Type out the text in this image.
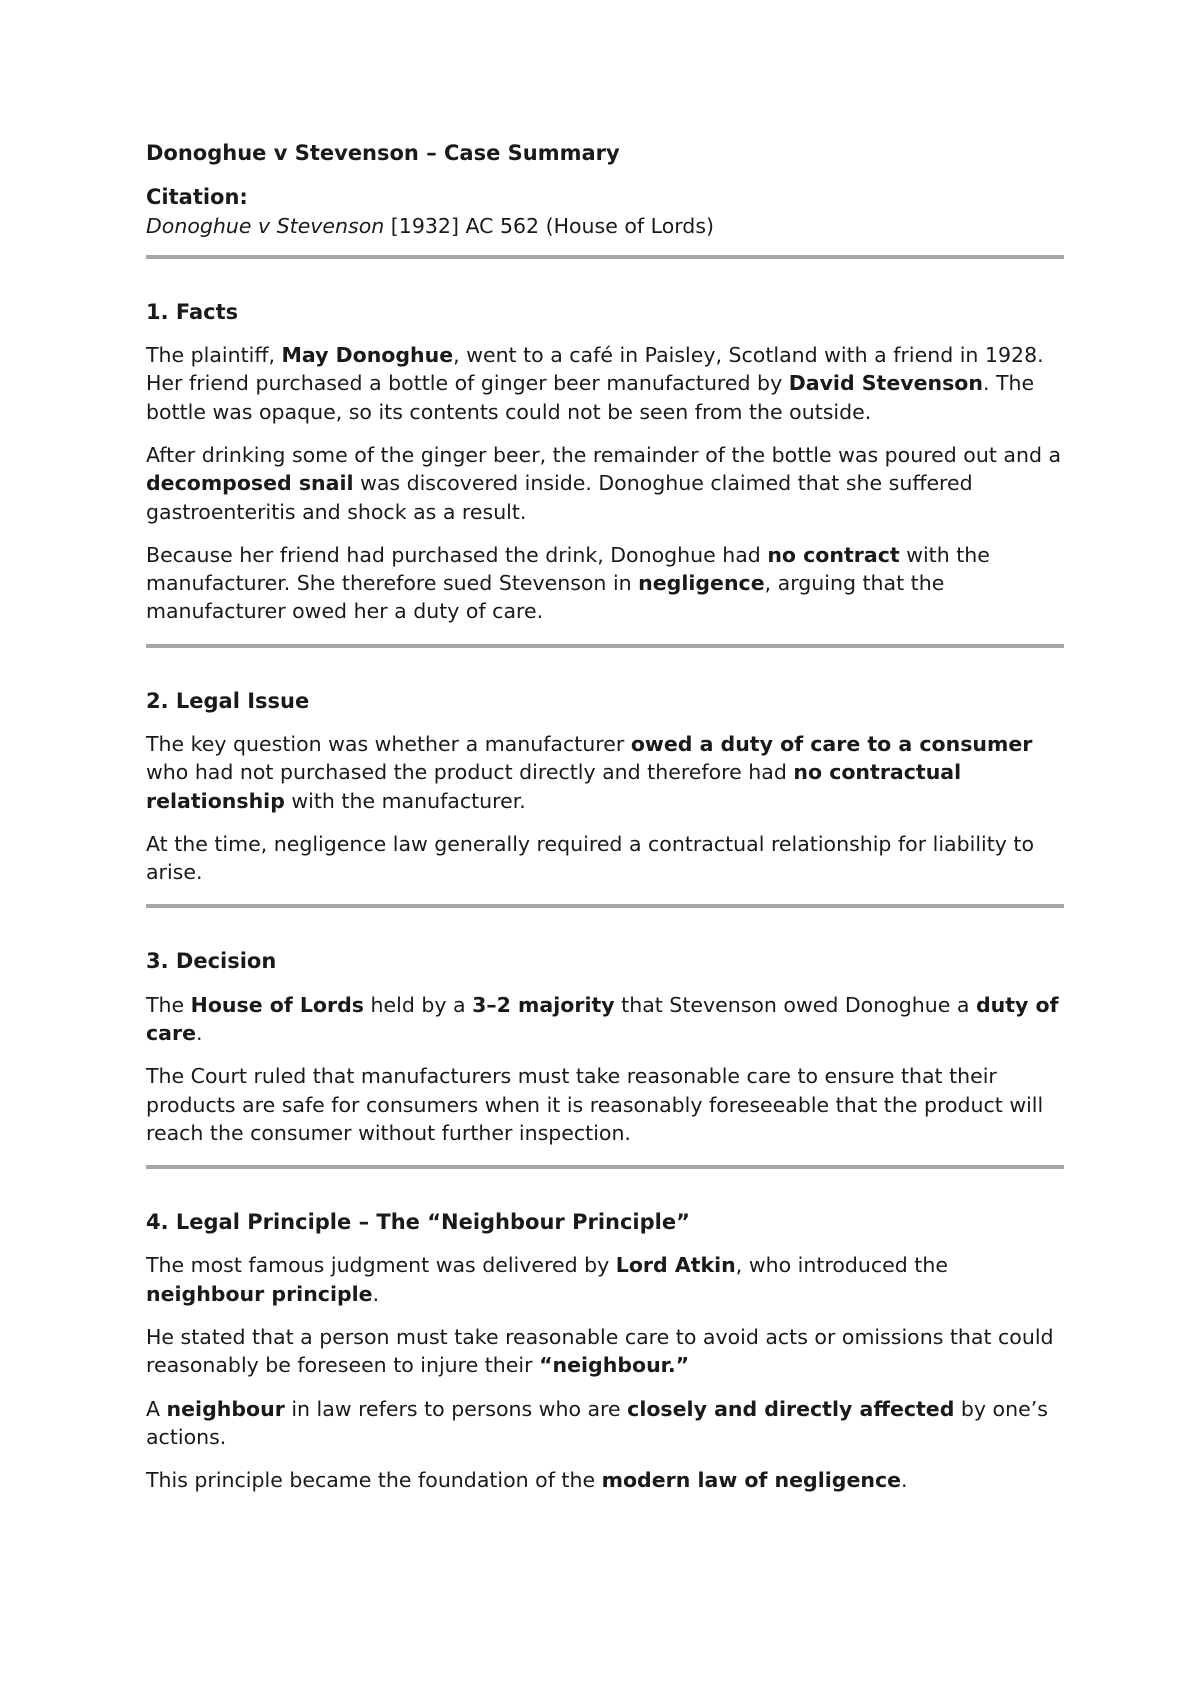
Donoghue v Stevenson – Case Summary
Citation:
Donoghue v Stevenson [1932] AC 562 (House of Lords)
1. Facts

The plaintiff, May Donoghue, went to a café in Paisley, Scotland with a friend in 1928. Her friend purchased a bottle of ginger beer manufactured by David Stevenson. The bottle was opaque, so its contents could not be seen from the outside.

After drinking some of the ginger beer, the remainder of the bottle was poured out and a decomposed snail was discovered inside. Donoghue claimed that she suffered gastroenteritis and shock as a result.

Because her friend had purchased the drink, Donoghue had no contract with the manufacturer. She therefore sued Stevenson in negligence, arguing that the manufacturer owed her a duty of care.

2. Legal Issue

The key question was whether a manufacturer owed a duty of care to a consumer who had not purchased the product directly and therefore had no contractual relationship with the manufacturer.

At the time, negligence law generally required a contractual relationship for liability to arise.

3. Decision

The House of Lords held by a 3–2 majority that Stevenson owed Donoghue a duty of care.

The Court ruled that manufacturers must take reasonable care to ensure that their products are safe for consumers when it is reasonably foreseeable that the product will reach the consumer without further inspection.

4. Legal Principle – The “Neighbour Principle”

The most famous judgment was delivered by Lord Atkin, who introduced the neighbour principle.

He stated that a person must take reasonable care to avoid acts or omissions that could reasonably be foreseen to injure their “neighbour.”

A neighbour in law refers to persons who are closely and directly affected by one’s actions.

This principle became the foundation of the modern law of negligence.
